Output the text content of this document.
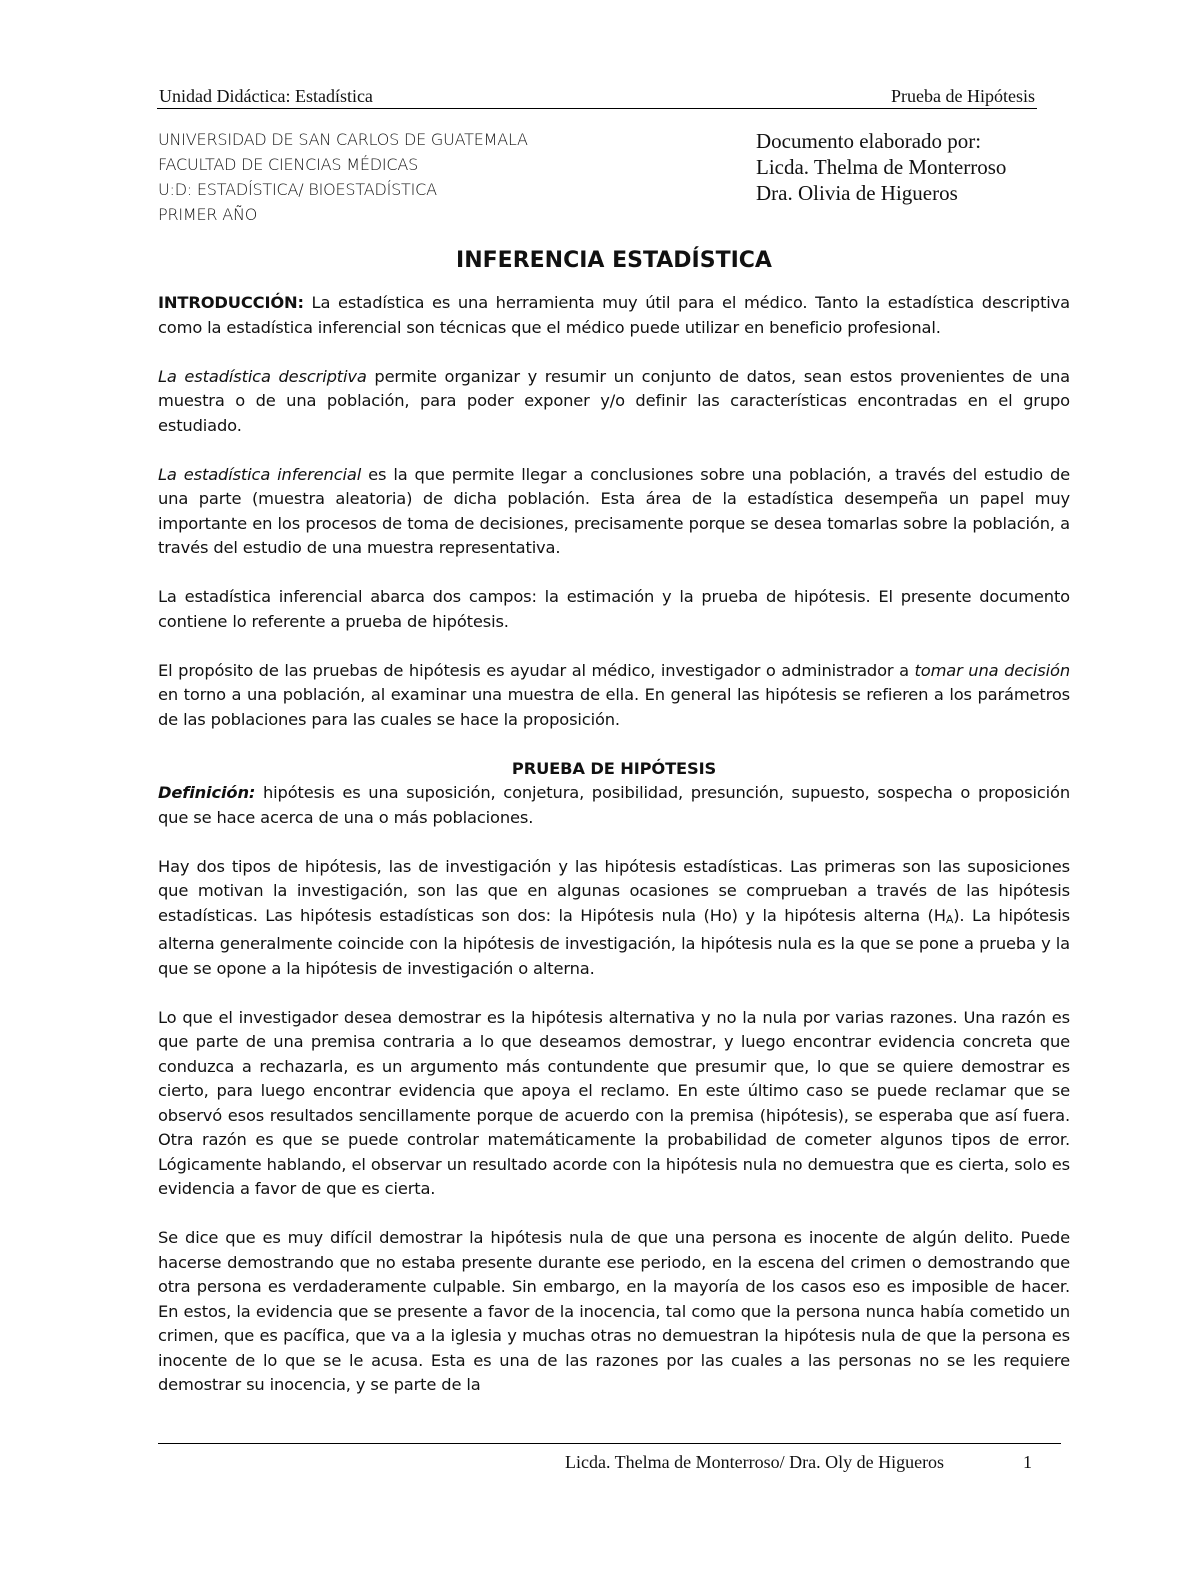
Unidad Didáctica: Estadística	Prueba de Hipótesis
UNIVERSIDAD DE SAN CARLOS DE GUATEMALA
FACULTAD DE CIENCIAS MÉDICAS
U:D: ESTADÍSTICA/ BIOESTADÍSTICA
PRIMER AÑO
Documento elaborado por:
Licda. Thelma de Monterroso
Dra. Olivia de Higueros
INFERENCIA ESTADÍSTICA

INTRODUCCIÓN: La estadística es una herramienta muy útil para el médico. Tanto la estadística descriptiva como la estadística inferencial son técnicas que el médico puede utilizar en beneficio profesional.

La estadística descriptiva permite organizar y resumir un conjunto de datos, sean estos provenientes de una muestra o de una población, para poder exponer y/o definir las características encontradas en el grupo estudiado.

La estadística inferencial es la que permite llegar a conclusiones sobre una población, a través del estudio de una parte (muestra aleatoria) de dicha población. Esta área de la estadística desempeña un papel muy importante en los procesos de toma de decisiones, precisamente porque se desea tomarlas sobre la población, a través del estudio de una muestra representativa.

La estadística inferencial abarca dos campos: la estimación y la prueba de hipótesis. El presente documento contiene lo referente a prueba de hipótesis.

El propósito de las pruebas de hipótesis es ayudar al médico, investigador o administrador a tomar una decisión en torno a una población, al examinar una muestra de ella. En general las hipótesis se refieren a los parámetros de las poblaciones para las cuales se hace la proposición.

PRUEBA DE HIPÓTESIS

Definición: hipótesis es una suposición, conjetura, posibilidad, presunción, supuesto, sospecha o proposición que se hace acerca de una o más poblaciones.

Hay dos tipos de hipótesis, las de investigación y las hipótesis estadísticas. Las primeras son las suposiciones que motivan la investigación, son las que en algunas ocasiones se comprueban a través de las hipótesis estadísticas. Las hipótesis estadísticas son dos: la Hipótesis nula (Ho) y la hipótesis alterna $(H_A)$. La hipótesis alterna generalmente coincide con la hipótesis de investigación, la hipótesis nula es la que se pone a prueba y la que se opone a la hipótesis de investigación o alterna.

Lo que el investigador desea demostrar es la hipótesis alternativa y no la nula por varias razones. Una razón es que parte de una premisa contraria a lo que deseamos demostrar, y luego encontrar evidencia concreta que conduzca a rechazarla, es un argumento más contundente que presumir que, lo que se quiere demostrar es cierto, para luego encontrar evidencia que apoya el reclamo. En este último caso se puede reclamar que se observó esos resultados sencillamente porque de acuerdo con la premisa (hipótesis), se esperaba que así fuera. Otra razón es que se puede controlar matemáticamente la probabilidad de cometer algunos tipos de error. Lógicamente hablando, el observar un resultado acorde con la hipótesis nula no demuestra que es cierta, solo es evidencia a favor de que es cierta.

Se dice que es muy difícil demostrar la hipótesis nula de que una persona es inocente de algún delito. Puede hacerse demostrando que no estaba presente durante ese periodo, en la escena del crimen o demostrando que otra persona es verdaderamente culpable. Sin embargo, en la mayoría de los casos eso es imposible de hacer. En estos, la evidencia que se presente a favor de la inocencia, tal como que la persona nunca había cometido un crimen, que es pacífica, que va a la iglesia y muchas otras no demuestran la hipótesis nula de que la persona es inocente de lo que se le acusa. Esta es una de las razones por las cuales a las personas no se les requiere demostrar su inocencia, y se parte de la

Licda. Thelma de Monterroso/ Dra. Oly de Higueros	1
